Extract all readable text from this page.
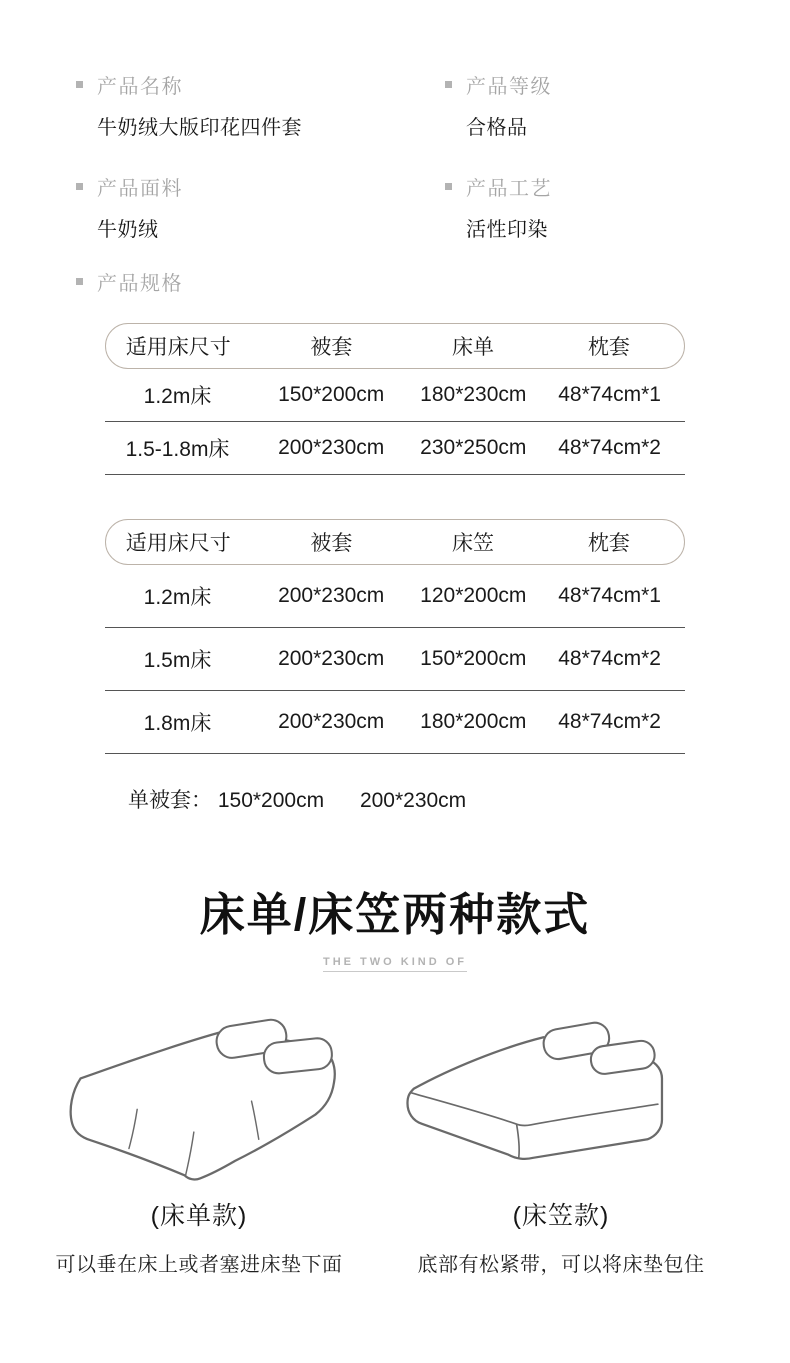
产品名称
牛奶绒大版印花四件套
产品等级
合格品
产品面料
牛奶绒
产品工艺
活性印染
产品规格
适用床尺寸	被套	床单	枕套
1.2m床	150*200cm	180*230cm	48*74cm*1
1.5-1.8m床	200*230cm	230*250cm	48*74cm*2
适用床尺寸	被套	床笠	枕套
1.2m床	200*230cm	120*200cm	48*74cm*1
1.5m床	200*230cm	150*200cm	48*74cm*2
1.8m床	200*230cm	180*200cm	48*74cm*2
单被套： 150*200cm 200*230cm
床单/床笠两种款式
THE TWO KIND OF
(床单款)
可以垂在床上或者塞进床垫下面
(床笠款)
底部有松紧带，可以将床垫包住
